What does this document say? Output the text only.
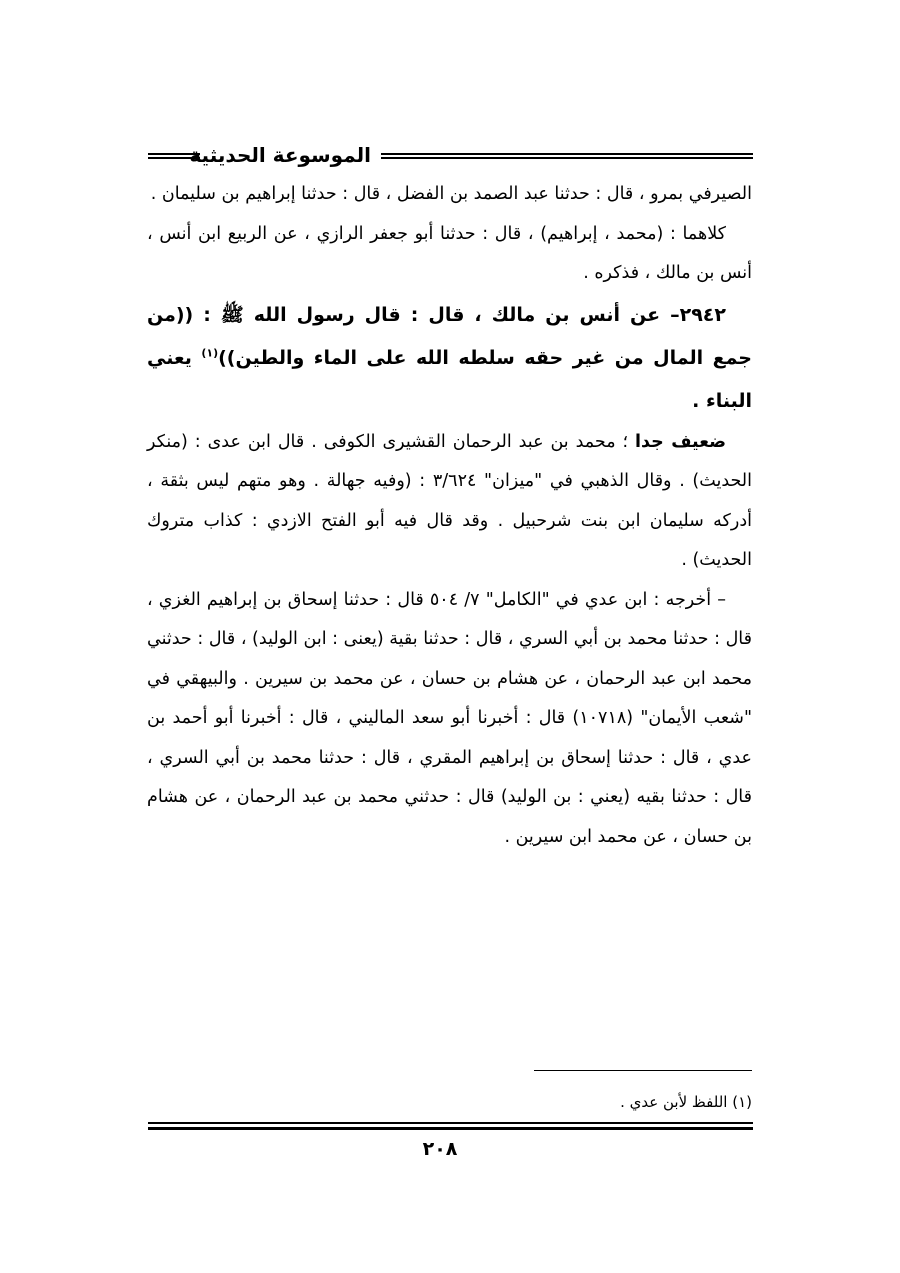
الموسوعة الحديثية

الصيرفي بمرو ، قال : حدثنا عبد الصمد بن الفضل ، قال : حدثنا إبراهيم بن سليمان .

كلاهما : (محمد ، إبراهيم) ، قال : حدثنا أبو جعفر الرازي ، عن الربيع ابن أنس ، أنس بن مالك ، فذكره .

٢٩٤٢– عن أنس بن مالك ، قال : قال رسول الله ﷺ : ((من جمع المال من غير حقه سلطه الله على الماء والطين))$^{(١)}$ يعني البناء .

ضعيف جدا ؛ محمد بن عبد الرحمان القشيرى الكوفى . قال ابن عدى : (منكر الحديث) . وقال الذهبي في "ميزان" ٣/٦٢٤ : (وفيه جهالة . وهو متهم ليس بثقة ، أدركه سليمان ابن بنت شرحبيل . وقد قال فيه أبو الفتح الازدي : كذاب متروك الحديث) .

– أخرجه : ابن عدي في "الكامل" ٧/ ٥٠٤ قال : حدثنا إسحاق بن إبراهيم الغزي ، قال : حدثنا محمد بن أبي السري ، قال : حدثنا بقية (يعنى : ابن الوليد) ، قال : حدثني محمد ابن عبد الرحمان ، عن هشام بن حسان ، عن محمد بن سيرين . والبيهقي في "شعب الأيمان" (١٠٧١٨) قال : أخبرنا أبو سعد الماليني ، قال : أخبرنا أبو أحمد بن عدي ، قال : حدثنا إسحاق بن إبراهيم المقري ، قال : حدثنا محمد بن أبي السري ، قال : حدثنا بقيه (يعني : بن الوليد) قال : حدثني محمد بن عبد الرحمان ، عن هشام بن حسان ، عن محمد ابن سيرين .

(١) اللفظ لأبن عدي .
٢٠٨
